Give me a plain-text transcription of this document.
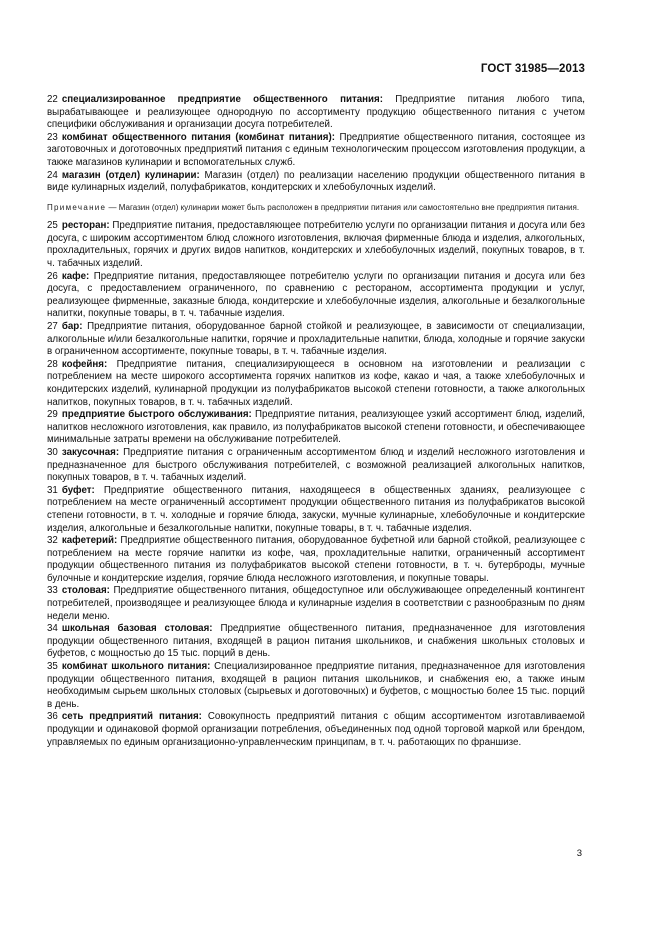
ГОСТ 31985—2013

22 специализированное предприятие общественного питания: Предприятие питания любого типа, вырабатывающее и реализующее однородную по ассортименту продукцию общественного питания с учетом специфики обслуживания и организации досуга потребителей.

23 комбинат общественного питания (комбинат питания): Предприятие общественного питания, состоящее из заготовочных и доготовочных предприятий питания с единым технологическим процессом изготовления продукции, а также магазинов кулинарии и вспомогательных служб.

24 магазин (отдел) кулинарии: Магазин (отдел) по реализации населению продукции общественного питания в виде кулинарных изделий, полуфабрикатов, кондитерских и хлебобулочных изделий.

Примечание — Магазин (отдел) кулинарии может быть расположен в предприятии питания или самостоятельно вне предприятия питания.

25 ресторан: Предприятие питания, предоставляющее потребителю услуги по организации питания и досуга или без досуга, с широким ассортиментом блюд сложного изготовления, включая фирменные блюда и изделия, алкогольных, прохладительных, горячих и других видов напитков, кондитерских и хлебобулочных изделий, покупных товаров, в т. ч. табачных изделий.

26 кафе: Предприятие питания, предоставляющее потребителю услуги по организации питания и досуга или без досуга, с предоставлением ограниченного, по сравнению с рестораном, ассортимента продукции и услуг, реализующее фирменные, заказные блюда, кондитерские и хлебобулочные изделия, алкогольные и безалкогольные напитки, покупные товары, в т. ч. табачные изделия.

27 бар: Предприятие питания, оборудованное барной стойкой и реализующее, в зависимости от специализации, алкогольные и/или безалкогольные напитки, горячие и прохладительные напитки, блюда, холодные и горячие закуски в ограниченном ассортименте, покупные товары, в т. ч. табачные изделия.

28 кофейня: Предприятие питания, специализирующееся в основном на изготовлении и реализации с потреблением на месте широкого ассортимента горячих напитков из кофе, какао и чая, а также хлебобулочных и кондитерских изделий, кулинарной продукции из полуфабрикатов высокой степени готовности, а также алкогольных напитков, покупных товаров, в т. ч. табачных изделий.

29 предприятие быстрого обслуживания: Предприятие питания, реализующее узкий ассортимент блюд, изделий, напитков несложного изготовления, как правило, из полуфабрикатов высокой степени готовности, и обеспечивающее минимальные затраты времени на обслуживание потребителей.

30 закусочная: Предприятие питания с ограниченным ассортиментом блюд и изделий несложного изготовления и предназначенное для быстрого обслуживания потребителей, с возможной реализацией алкогольных напитков, покупных товаров, в т. ч. табачных изделий.

31 буфет: Предприятие общественного питания, находящееся в общественных зданиях, реализующее с потреблением на месте ограниченный ассортимент продукции общественного питания из полуфабрикатов высокой степени готовности, в т. ч. холодные и горячие блюда, закуски, мучные кулинарные, хлебобулочные и кондитерские изделия, алкогольные и безалкогольные напитки, покупные товары, в т. ч. табачные изделия.

32 кафетерий: Предприятие общественного питания, оборудованное буфетной или барной стойкой, реализующее с потреблением на месте горячие напитки из кофе, чая, прохладительные напитки, ограниченный ассортимент продукции общественного питания из полуфабрикатов высокой степени готовности, в т. ч. бутерброды, мучные булочные и кондитерские изделия, горячие блюда несложного изготовления, и покупные товары.

33 столовая: Предприятие общественного питания, общедоступное или обслуживающее определенный контингент потребителей, производящее и реализующее блюда и кулинарные изделия в соответствии с разнообразным по дням недели меню.

34 школьная базовая столовая: Предприятие общественного питания, предназначенное для изготовления продукции общественного питания, входящей в рацион питания школьников, и снабжения школьных столовых и буфетов, с мощностью до 15 тыс. порций в день.

35 комбинат школьного питания: Специализированное предприятие питания, предназначенное для изготовления продукции общественного питания, входящей в рацион питания школьников, и снабжения ею, а также иным необходимым сырьем школьных столовых (сырьевых и доготовочных) и буфетов, с мощностью более 15 тыс. порций в день.

36 сеть предприятий питания: Совокупность предприятий питания с общим ассортиментом изготавливаемой продукции и одинаковой формой организации потребления, объединенных под одной торговой маркой или брендом, управляемых по единым организационно-управленческим принципам, в т. ч. работающих по франшизе.

3
